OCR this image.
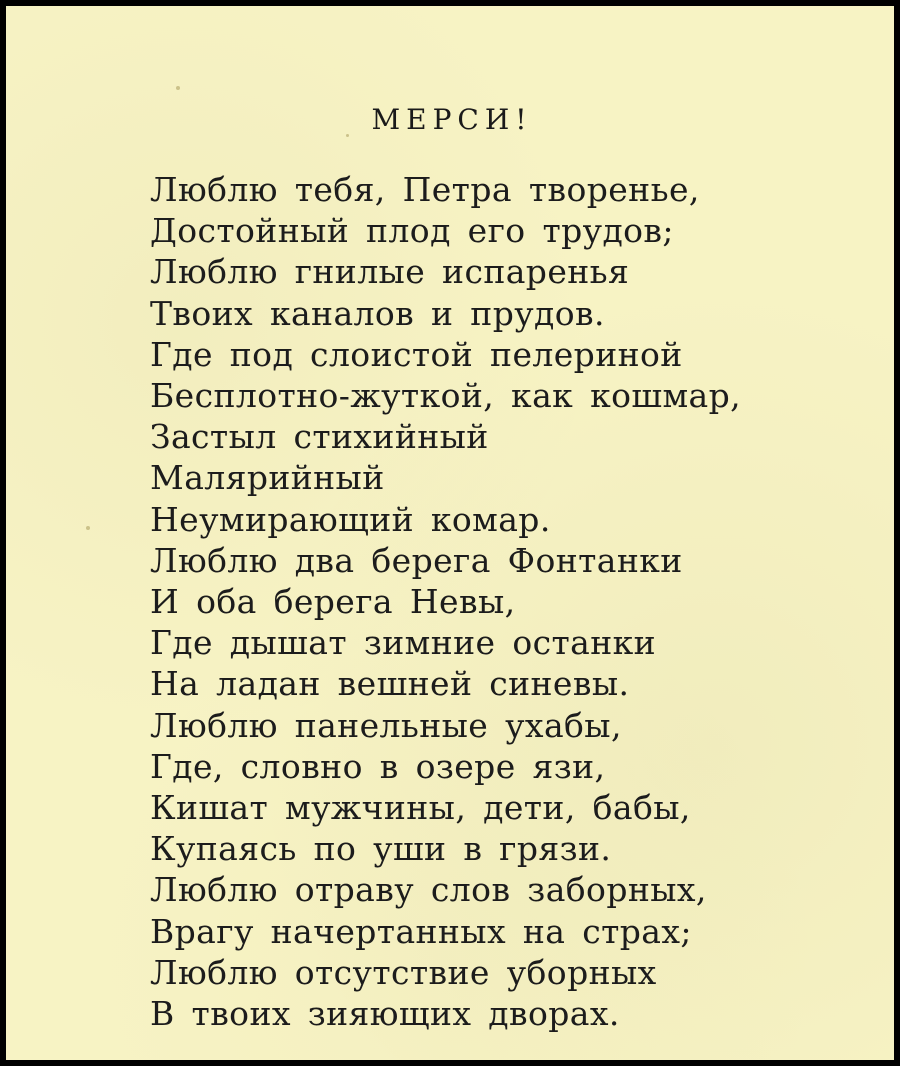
МЕРСИ!
Люблю тебя, Петра творенье,
Достойный плод его трудов;
Люблю гнилые испаренья
Твоих каналов и прудов.
Где под слоистой пелериной
Бесплотно-жуткой, как кошмар,
Застыл стихийный
Малярийный
Неумирающий комар.
Люблю два берега Фонтанки
И оба берега Невы,
Где дышат зимние останки
На ладан вешней синевы.
Люблю панельные ухабы,
Где, словно в озере язи,
Кишат мужчины, дети, бабы,
Купаясь по уши в грязи.
Люблю отраву слов заборных,
Врагу начертанных на страх;
Люблю отсутствие уборных
В твоих зияющих дворах.
